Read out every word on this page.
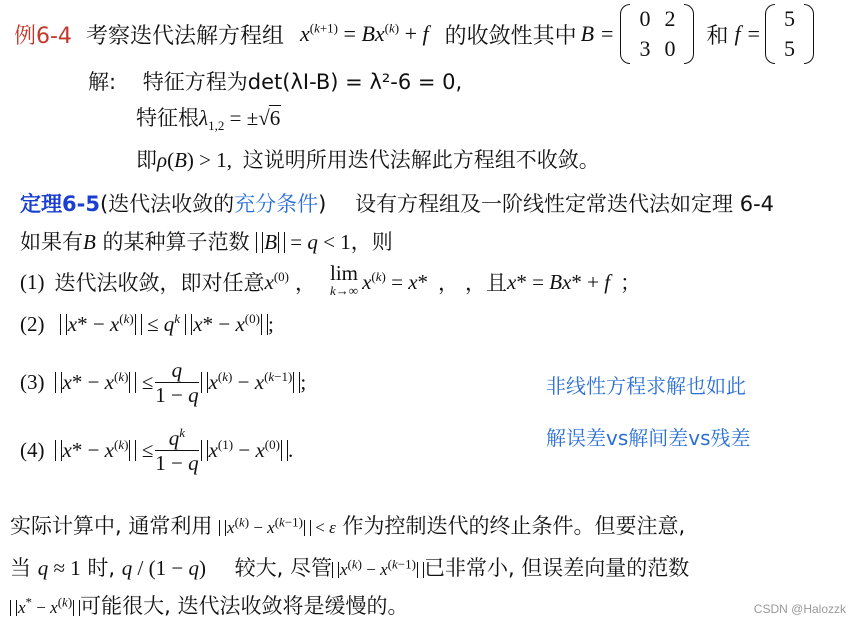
例6-4 考察迭代法解方程组 $x^{(k+1)} = Bx^{(k)} + f$ 的收敛性其中 B =
0	2
3	0 和 f =
5
5
解: 特征方程为det(λI-B) = λ²-6 = 0,
特征根$\lambda_{1,2} = \pm√6$
即ρ(B) > 1, 这说明所用迭代法解此方程组不收敛。
定理6-5(迭代法收敛的充分条件) 设有方程组及一阶线性定常迭代法如定理 6-4
如果有B 的某种算子范数 B = q < 1，则
(1) 迭代法收敛，即对任意 $x^{(0)}$ ， lim
k→∞ $x^{(k)} = x*$ ， ，且 x* = Bx* + f ；
(2) $x* - x^{(k)} \le q^k$ $x* - x^{(0)}$ ;
(3) $x* - x^{(k)} \le \frac{q}{1 - q} x^{(k)} - x^{(k-1)}$ ;
(4) $x* - x^{(k)} \le \frac{q^k}{1 - q} x^{(1)} - x^{(0)}$ .
非线性方程求解也如此
解误差vs解间差vs残差
实际计算中, 通常利用 $x^{(k)} - x^{(k-1)} < \varepsilon$ 作为控制迭代的终止条件。但要注意,
当 q ≈ 1 时, q / (1 − q) 较大, 尽管 $x^{(k)} - x^{(k-1)}$ 已非常小, 但误差向量的范数
$x^* - x^{(k)}$ 可能很大, 迭代法收敛将是缓慢的。	CSDN @Halozzk
